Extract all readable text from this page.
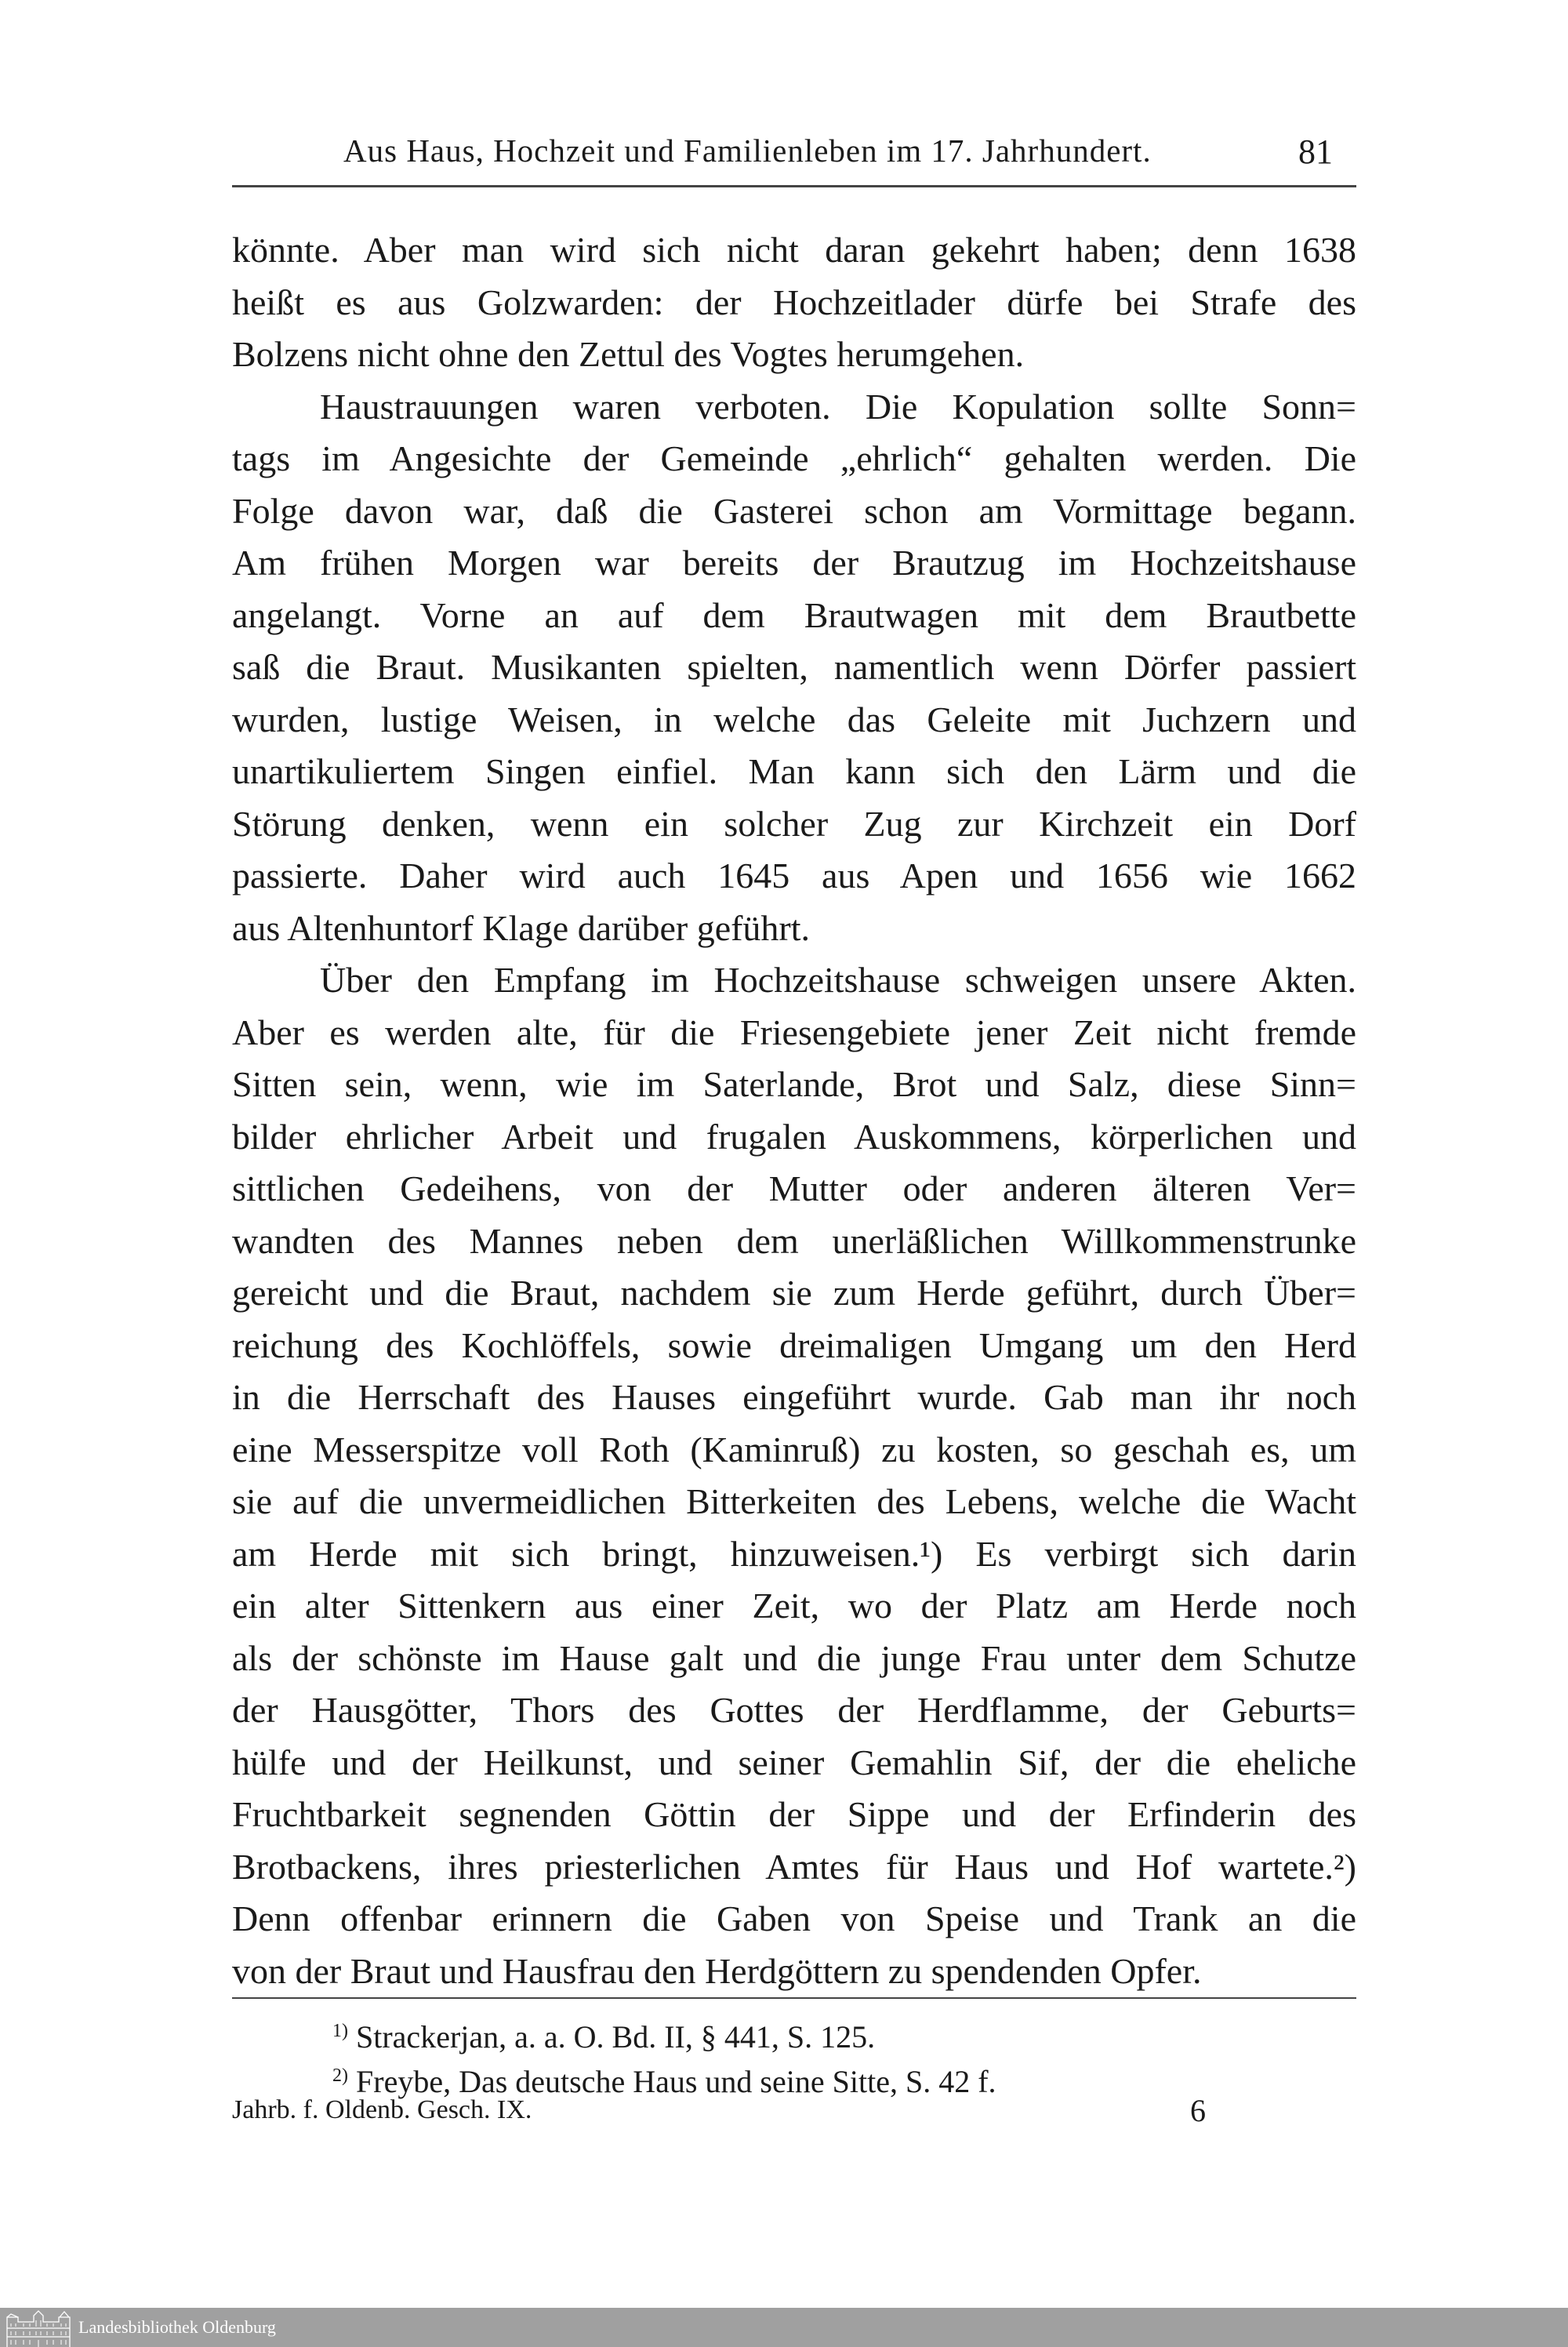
Aus Haus, Hochzeit und Familienleben im 17. Jahrhundert.	81
könnte. Aber man wird sich nicht daran gekehrt haben; denn 1638
heißt es aus Golzwarden: der Hochzeitlader dürfe bei Strafe des
Bolzens nicht ohne den Zettul des Vogtes herumgehen.
Haustrauungen waren verboten. Die Kopulation sollte Sonn=
tags im Angesichte der Gemeinde „ehrlich“ gehalten werden. Die
Folge davon war, daß die Gasterei schon am Vormittage begann.
Am frühen Morgen war bereits der Brautzug im Hochzeitshause
angelangt. Vorne an auf dem Brautwagen mit dem Brautbette
saß die Braut. Musikanten spielten, namentlich wenn Dörfer passiert
wurden, lustige Weisen, in welche das Geleite mit Juchzern und
unartikuliertem Singen einfiel. Man kann sich den Lärm und die
Störung denken, wenn ein solcher Zug zur Kirchzeit ein Dorf
passierte. Daher wird auch 1645 aus Apen und 1656 wie 1662
aus Altenhuntorf Klage darüber geführt.
Über den Empfang im Hochzeitshause schweigen unsere Akten.
Aber es werden alte, für die Friesengebiete jener Zeit nicht fremde
Sitten sein, wenn, wie im Saterlande, Brot und Salz, diese Sinn=
bilder ehrlicher Arbeit und frugalen Auskommens, körperlichen und
sittlichen Gedeihens, von der Mutter oder anderen älteren Ver=
wandten des Mannes neben dem unerläßlichen Willkommenstrunke
gereicht und die Braut, nachdem sie zum Herde geführt, durch Über=
reichung des Kochlöffels, sowie dreimaligen Umgang um den Herd
in die Herrschaft des Hauses eingeführt wurde. Gab man ihr noch
eine Messerspitze voll Roth (Kaminruß) zu kosten, so geschah es, um
sie auf die unvermeidlichen Bitterkeiten des Lebens, welche die Wacht
am Herde mit sich bringt, hinzuweisen.¹) Es verbirgt sich darin
ein alter Sittenkern aus einer Zeit, wo der Platz am Herde noch
als der schönste im Hause galt und die junge Frau unter dem Schutze
der Hausgötter, Thors des Gottes der Herdflamme, der Geburts=
hülfe und der Heilkunst, und seiner Gemahlin Sif, der die eheliche
Fruchtbarkeit segnenden Göttin der Sippe und der Erfinderin des
Brotbackens, ihres priesterlichen Amtes für Haus und Hof wartete.²)
Denn offenbar erinnern die Gaben von Speise und Trank an die
von der Braut und Hausfrau den Herdgöttern zu spendenden Opfer.
$^{1)}$ Strackerjan, a. a. O. Bd. II, § 441, S. 125.
$^{2)}$ Freybe, Das deutsche Haus und seine Sitte, S. 42 f.
Jahrb. f. Oldenb. Gesch. IX.	6
Landesbibliothek Oldenburg
